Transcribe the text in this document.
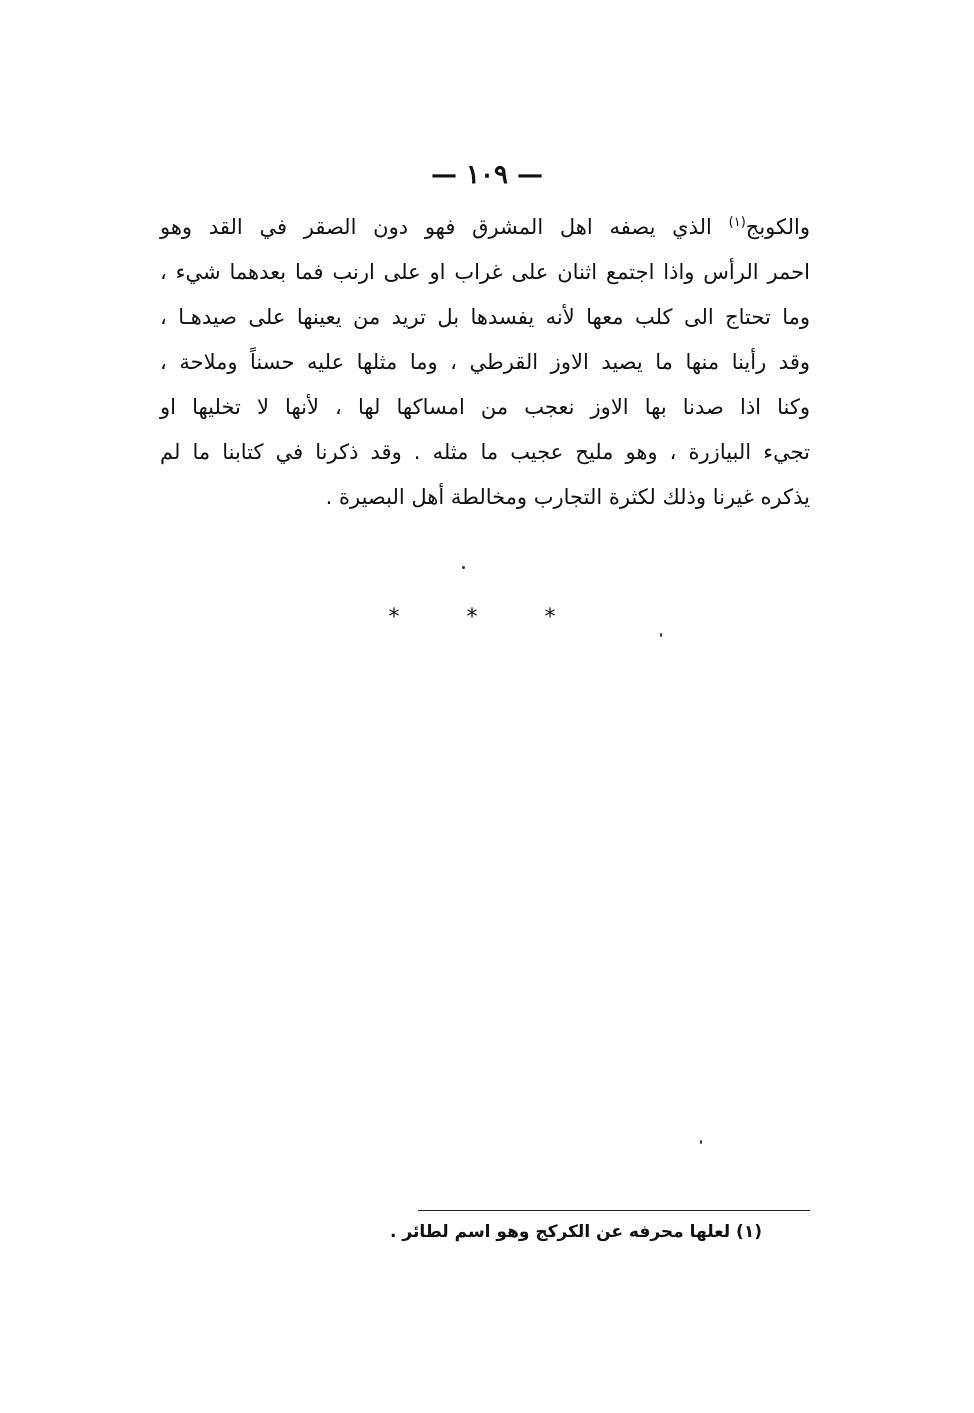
— ١٠٩ —
والكوبج$^{(١)}$ الذي يصفه اهل المشرق فهو دون الصقر في القد وهو
احمر الرأس واذا اجتمع اثنان على غراب او على ارنب فما بعدهما شيء ،
وما تحتاج الى كلب معها لأنه يفسدها بل تريد من يعينها على صيدهـا ،
وقد رأينا منها ما يصيد الاوز القرطي ، وما مثلها عليه حسناً وملاحة ،
وكنا اذا صدنا بها الاوز نعجب من امساكها لها ، لأنها لا تخليها او
تجيء البيازرة ، وهو مليح عجيب ما مثله . وقد ذكرنا في كتابنا ما لم
يذكره غيرنا وذلك لكثرة التجارب ومخالطة أهل البصيرة .
* * *
(١) لعلها محرفه عن الكركج وهو اسم لطائر .
